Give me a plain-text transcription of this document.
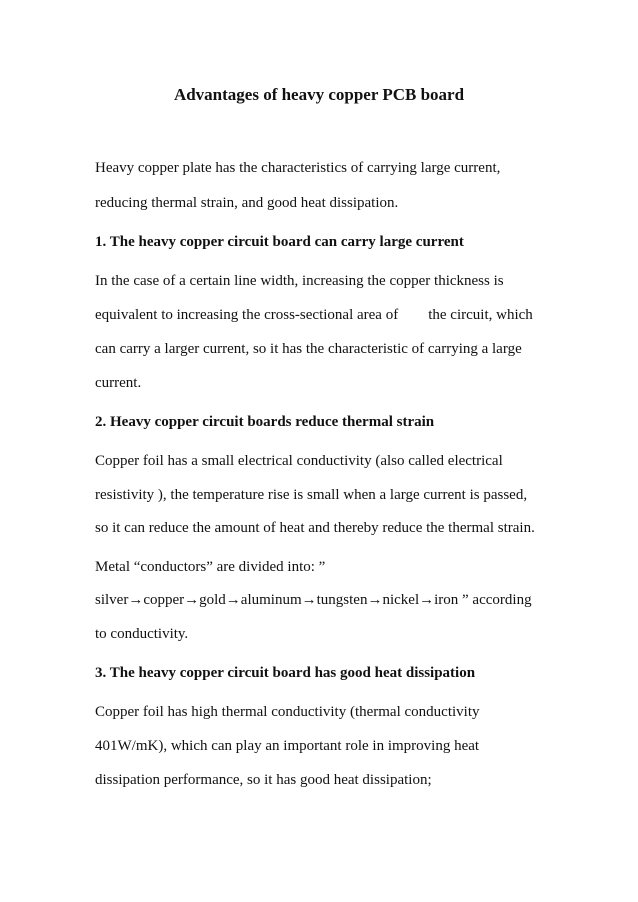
Advantages of heavy copper PCB board

Heavy copper plate has the characteristics of carrying large current,

reducing thermal strain, and good heat dissipation.

1. The heavy copper circuit board can carry large current

In the case of a certain line width, increasing the copper thickness is

equivalent to increasing the cross-sectional area of the circuit, which

can carry a larger current, so it has the characteristic of carrying a large

current.

2. Heavy copper circuit boards reduce thermal strain

Copper foil has a small electrical conductivity (also called electrical

resistivity ), the temperature rise is small when a large current is passed,

so it can reduce the amount of heat and thereby reduce the thermal strain.

Metal “conductors” are divided into: ”

silver→copper→gold→aluminum→tungsten→nickel→iron ” according

to conductivity.

3. The heavy copper circuit board has good heat dissipation

Copper foil has high thermal conductivity (thermal conductivity

401W/mK), which can play an important role in improving heat

dissipation performance, so it has good heat dissipation;
